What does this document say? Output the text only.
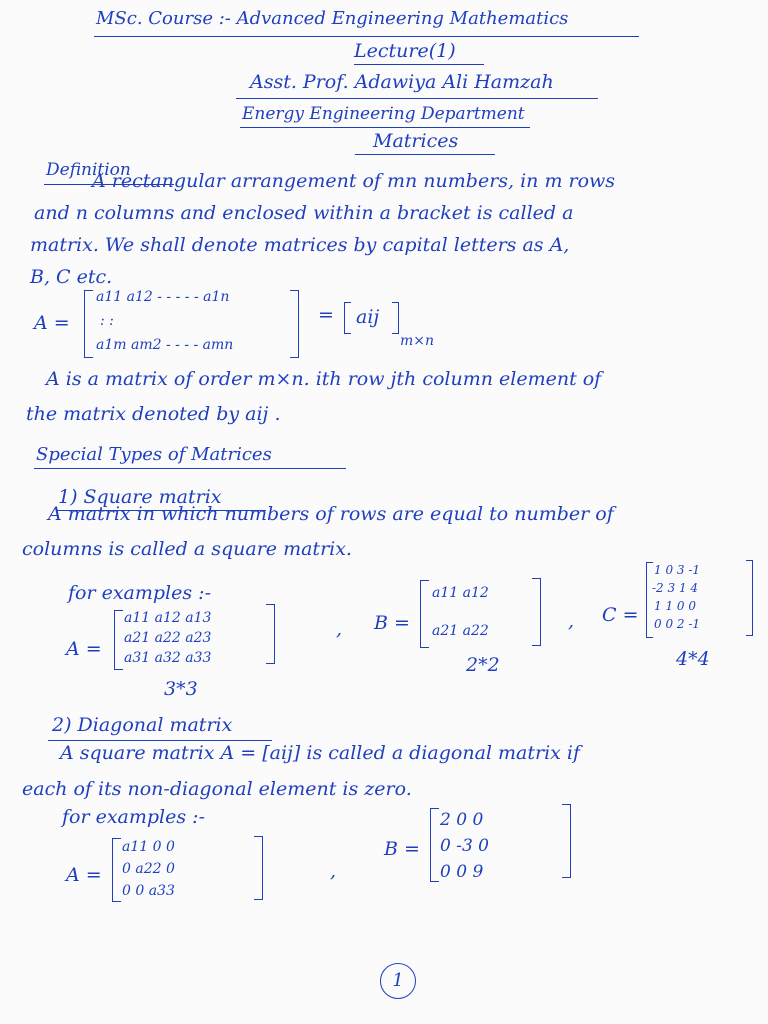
MSc. Course :- Advanced Engineering Mathematics
Lecture(1)
Asst. Prof. Adawiya Ali Hamzah
Energy Engineering Department
Matrices
Definition
A rectangular arrangement of mn numbers, in m rows
and n columns and enclosed within a bracket is called a
matrix. We shall denote matrices by capital letters as A,
B, C etc.
A =
a11 a12 - - - - - a1n
: :
a1m am2 - - - - amn
= aij
m×n
A is a matrix of order m×n. ith row jth column element of
the matrix denoted by aij .
Special Types of Matrices
1) Square matrix
A matrix in which numbers of rows are equal to number of
columns is called a square matrix.
for examples :-
A =
a11 a12 a13
a21 a22 a23
a31 a32 a33
3*3
, B =
a11 a12
a21 a22
2*2
, C =
1 0 3 -1
-2 3 1 4
1 1 0 0
0 0 2 -1
4*4
2) Diagonal matrix
A square matrix A = [aij] is called a diagonal matrix if
each of its non-diagonal element is zero.
for examples :-
A =
a11 0 0
0 a22 0
0 0 a33
,
B =
2 0 0
0 -3 0
0 0 9
1
